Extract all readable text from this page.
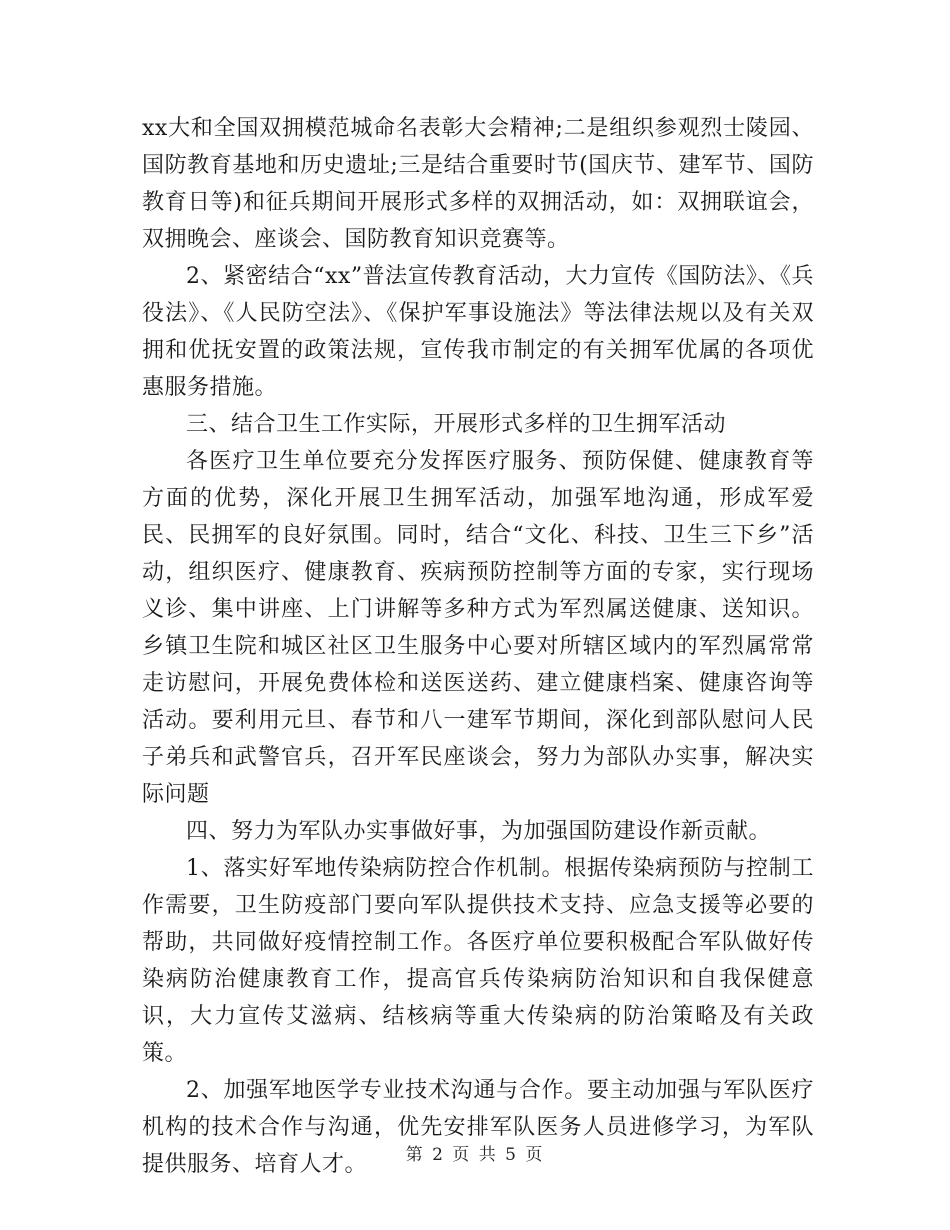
xx大和全国双拥模范城命名表彰大会精神;二是组织参观烈士陵园、国防教育基地和历史遗址;三是结合重要时节(国庆节、建军节、国防教育日等)和征兵期间开展形式多样的双拥活动，如：双拥联谊会，双拥晚会、座谈会、国防教育知识竞赛等。

2、紧密结合“xx”普法宣传教育活动，大力宣传《国防法》、《兵役法》、《人民防空法》、《保护军事设施法》等法律法规以及有关双拥和优抚安置的政策法规，宣传我市制定的有关拥军优属的各项优惠服务措施。

三、结合卫生工作实际，开展形式多样的卫生拥军活动

各医疗卫生单位要充分发挥医疗服务、预防保健、健康教育等方面的优势，深化开展卫生拥军活动，加强军地沟通，形成军爱民、民拥军的良好氛围。同时，结合“文化、科技、卫生三下乡”活动，组织医疗、健康教育、疾病预防控制等方面的专家，实行现场义诊、集中讲座、上门讲解等多种方式为军烈属送健康、送知识。乡镇卫生院和城区社区卫生服务中心要对所辖区域内的军烈属常常走访慰问，开展免费体检和送医送药、建立健康档案、健康咨询等活动。要利用元旦、春节和八一建军节期间，深化到部队慰问人民子弟兵和武警官兵，召开军民座谈会，努力为部队办实事，解决实际问题

四、努力为军队办实事做好事，为加强国防建设作新贡献。

1、落实好军地传染病防控合作机制。根据传染病预防与控制工作需要，卫生防疫部门要向军队提供技术支持、应急支援等必要的帮助，共同做好疫情控制工作。各医疗单位要积极配合军队做好传染病防治健康教育工作，提高官兵传染病防治知识和自我保健意识，大力宣传艾滋病、结核病等重大传染病的防治策略及有关政策。

2、加强军地医学专业技术沟通与合作。要主动加强与军队医疗机构的技术合作与沟通，优先安排军队医务人员进修学习，为军队提供服务、培育人才。	第 2 页 共 5 页
